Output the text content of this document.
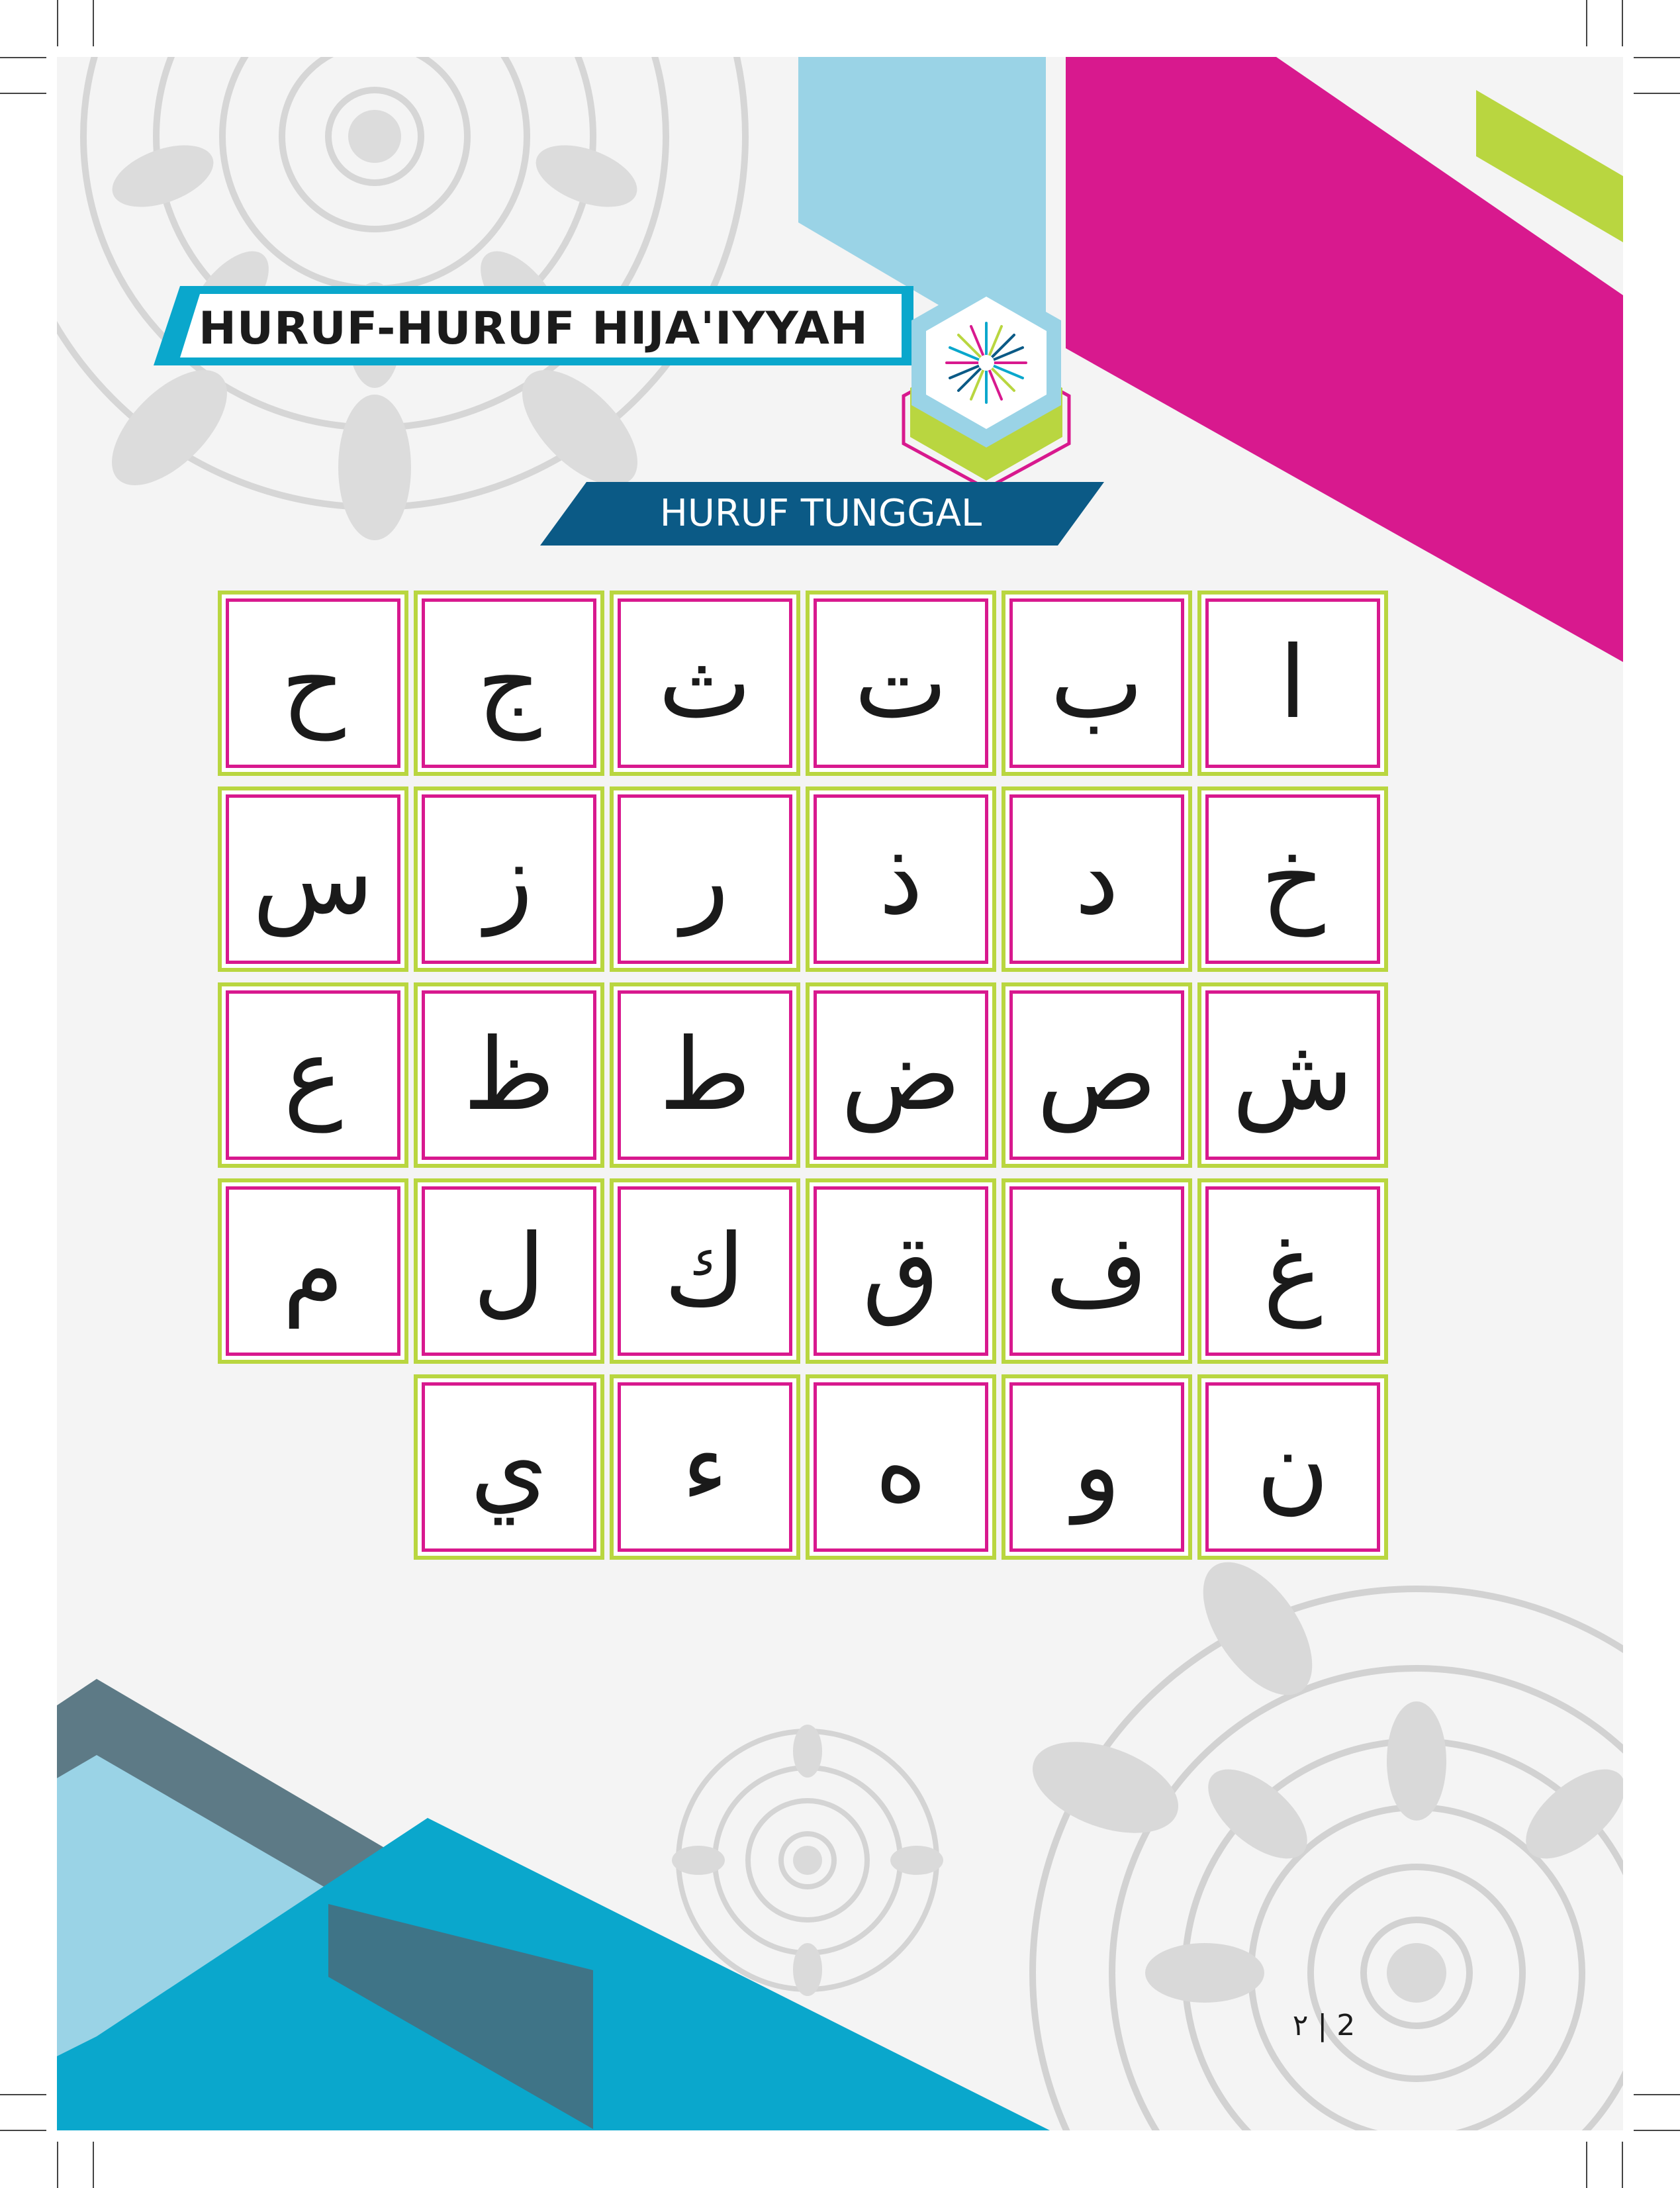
HURUF-HURUF HIJA'IYYAH
HURUF TUNGGAL
ح ج ث ت ب ا
س ز ر ذ د خ
ع ظ ط ض ص ش
م ل ك ق ف غ
ي ء ه و ن
٢ | 2
